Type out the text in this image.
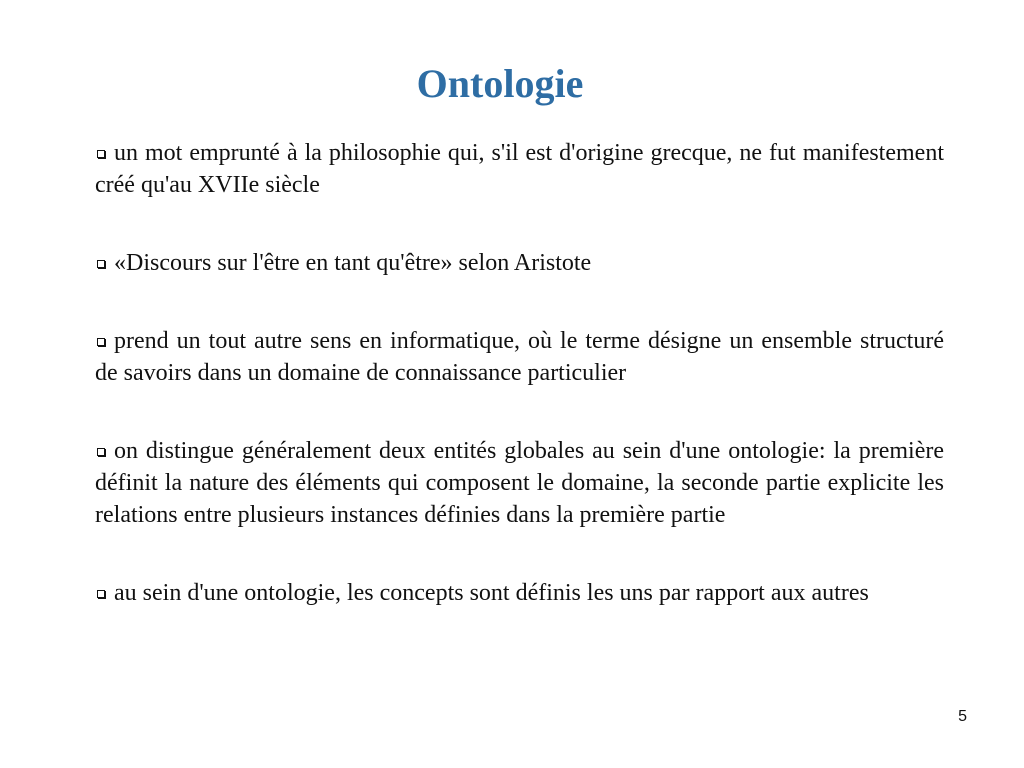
Ontologie
un mot emprunté à la philosophie qui, s'il est d'origine grecque, ne fut manifestement créé qu'au XVIIe siècle
«Discours sur l'être en tant qu'être» selon Aristote
prend un tout autre sens en informatique, où le terme désigne un ensemble structuré de savoirs dans un domaine de connaissance particulier
on distingue généralement deux entités globales au sein d'une ontologie: la première définit la nature des éléments qui composent le domaine, la seconde partie explicite les relations entre plusieurs instances définies dans la première partie
au sein d'une ontologie, les concepts sont définis les uns par rapport aux autres
5
